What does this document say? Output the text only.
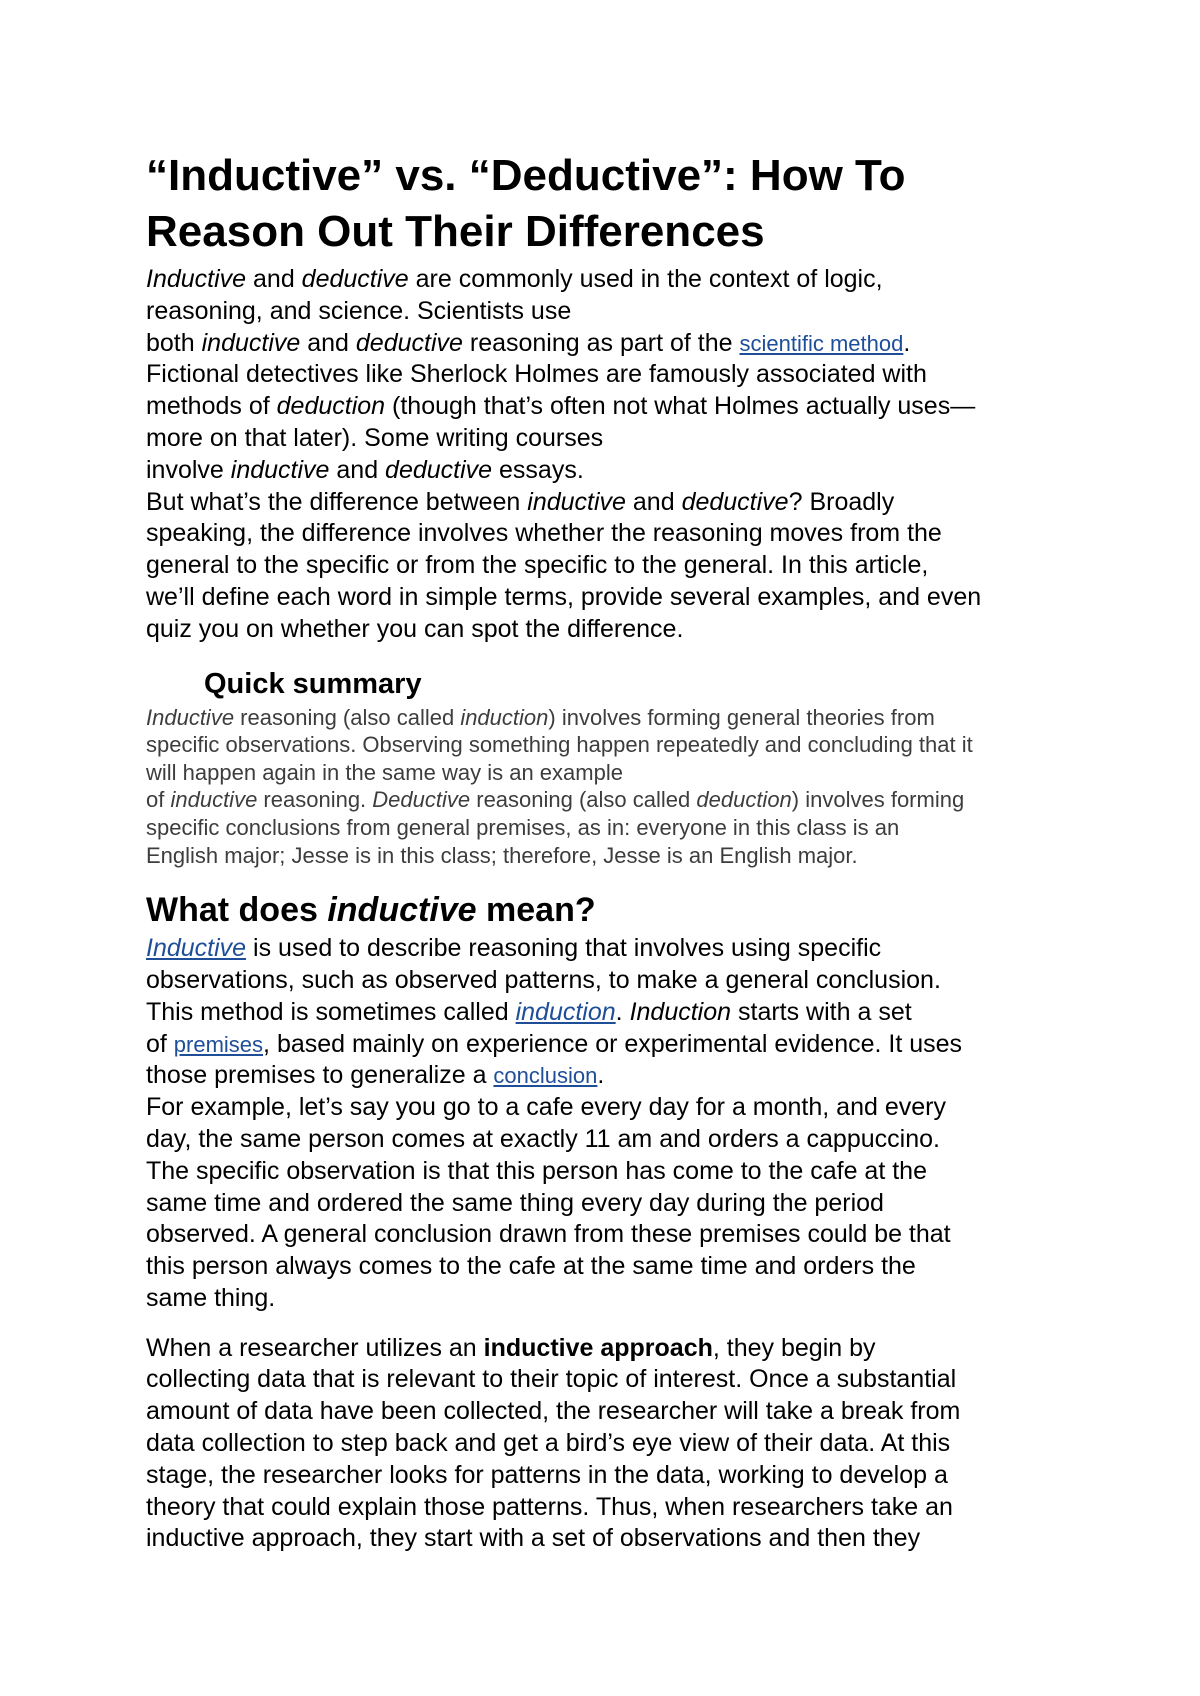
“Inductive” vs. “Deductive”: How To
Reason Out Their Differences
Inductive and deductive are commonly used in the context of logic,
reasoning, and science. Scientists use
both inductive and deductive reasoning as part of the scientific method.
Fictional detectives like Sherlock Holmes are famously associated with
methods of deduction (though that’s often not what Holmes actually uses—
more on that later). Some writing courses
involve inductive and deductive essays.
But what’s the difference between inductive and deductive? Broadly
speaking, the difference involves whether the reasoning moves from the
general to the specific or from the specific to the general. In this article,
we’ll define each word in simple terms, provide several examples, and even
quiz you on whether you can spot the difference.
Quick summary
Inductive reasoning (also called induction) involves forming general theories from
specific observations. Observing something happen repeatedly and concluding that it
will happen again in the same way is an example
of inductive reasoning. Deductive reasoning (also called deduction) involves forming
specific conclusions from general premises, as in: everyone in this class is an
English major; Jesse is in this class; therefore, Jesse is an English major.
What does inductive mean?
Inductive is used to describe reasoning that involves using specific
observations, such as observed patterns, to make a general conclusion.
This method is sometimes called induction. Induction starts with a set
of premises, based mainly on experience or experimental evidence. It uses
those premises to generalize a conclusion.
For example, let’s say you go to a cafe every day for a month, and every
day, the same person comes at exactly 11 am and orders a cappuccino.
The specific observation is that this person has come to the cafe at the
same time and ordered the same thing every day during the period
observed. A general conclusion drawn from these premises could be that
this person always comes to the cafe at the same time and orders the
same thing.
When a researcher utilizes an inductive approach, they begin by
collecting data that is relevant to their topic of interest. Once a substantial
amount of data have been collected, the researcher will take a break from
data collection to step back and get a bird’s eye view of their data. At this
stage, the researcher looks for patterns in the data, working to develop a
theory that could explain those patterns. Thus, when researchers take an
inductive approach, they start with a set of observations and then they
